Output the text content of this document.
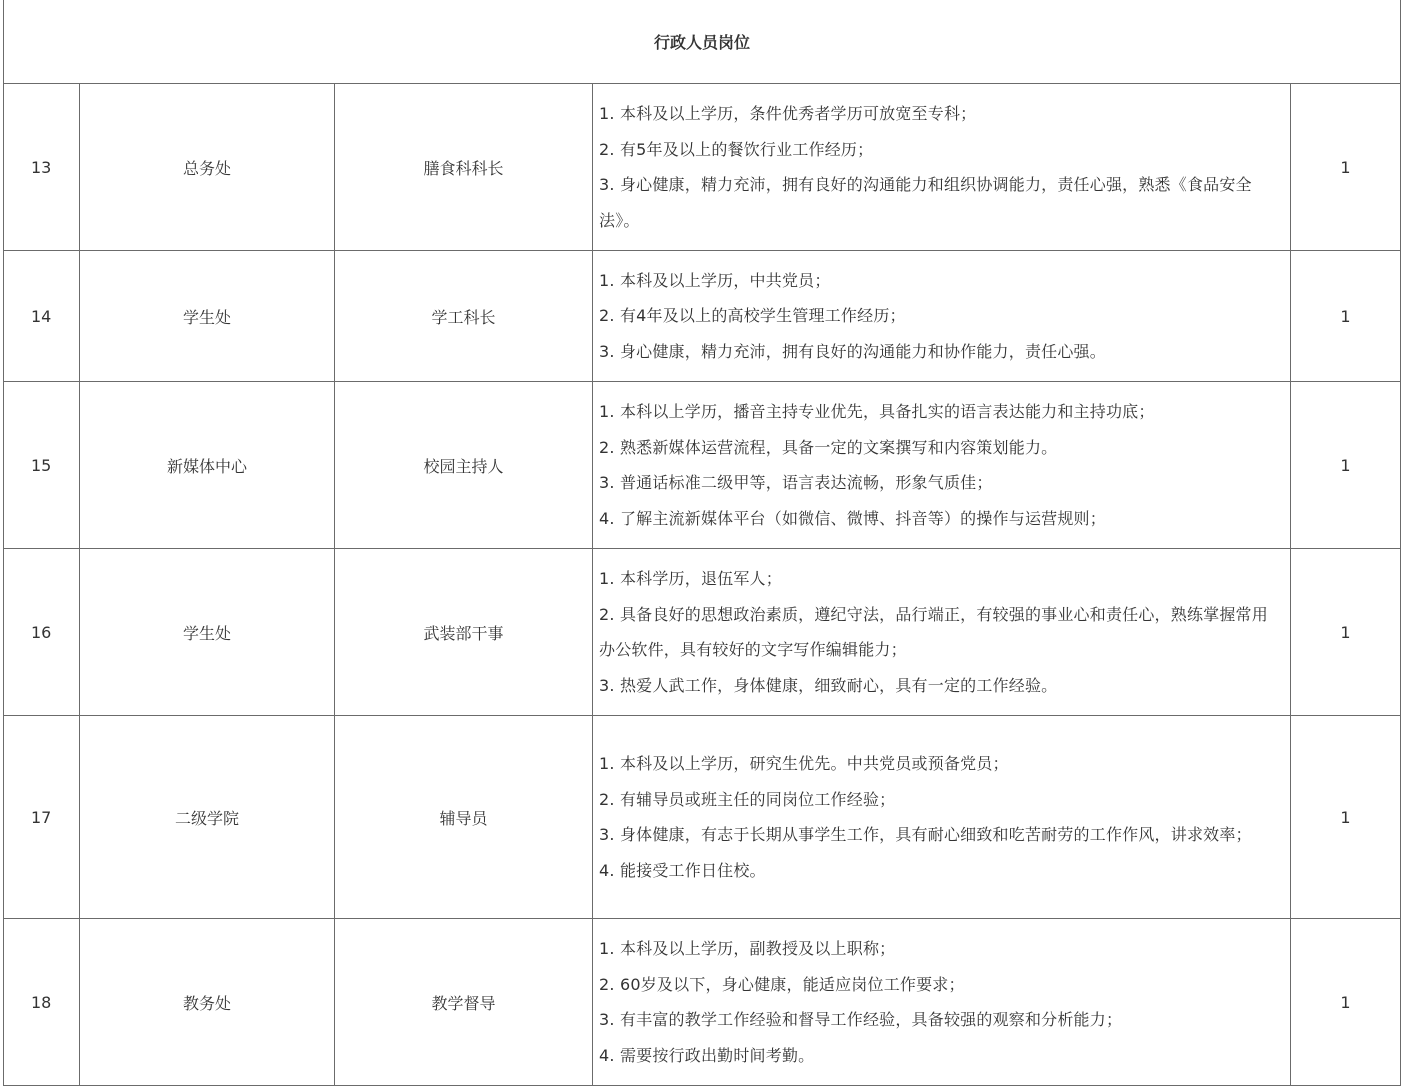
行政人员岗位				
13	总务处	膳食科科长	1. 本科及以上学历，条件优秀者学历可放宽至专科；
2. 有5年及以上的餐饮行业工作经历；
3. 身心健康，精力充沛，拥有良好的沟通能力和组织协调能力，责任心强，熟悉《食品安全法》。	1
14	学生处	学工科长	1. 本科及以上学历，中共党员；
2. 有4年及以上的高校学生管理工作经历；
3. 身心健康，精力充沛，拥有良好的沟通能力和协作能力，责任心强。	1
15	新媒体中心	校园主持人	1. 本科以上学历，播音主持专业优先，具备扎实的语言表达能力和主持功底；
2. 熟悉新媒体运营流程，具备一定的文案撰写和内容策划能力。
3. 普通话标准二级甲等，语言表达流畅，形象气质佳；
4. 了解主流新媒体平台（如微信、微博、抖音等）的操作与运营规则；	1
16	学生处	武装部干事	1. 本科学历，退伍军人；
2. 具备良好的思想政治素质，遵纪守法，品行端正，有较强的事业心和责任心，熟练掌握常用办公软件，具有较好的文字写作编辑能力；
3. 热爱人武工作，身体健康，细致耐心，具有一定的工作经验。	1
17	二级学院	辅导员	1. 本科及以上学历，研究生优先。中共党员或预备党员；
2. 有辅导员或班主任的同岗位工作经验；
3. 身体健康，有志于长期从事学生工作，具有耐心细致和吃苦耐劳的工作作风，讲求效率；
4. 能接受工作日住校。	1
18	教务处	教学督导	1. 本科及以上学历，副教授及以上职称；
2. 60岁及以下，身心健康，能适应岗位工作要求；
3. 有丰富的教学工作经验和督导工作经验，具备较强的观察和分析能力；
4. 需要按行政出勤时间考勤。	1
